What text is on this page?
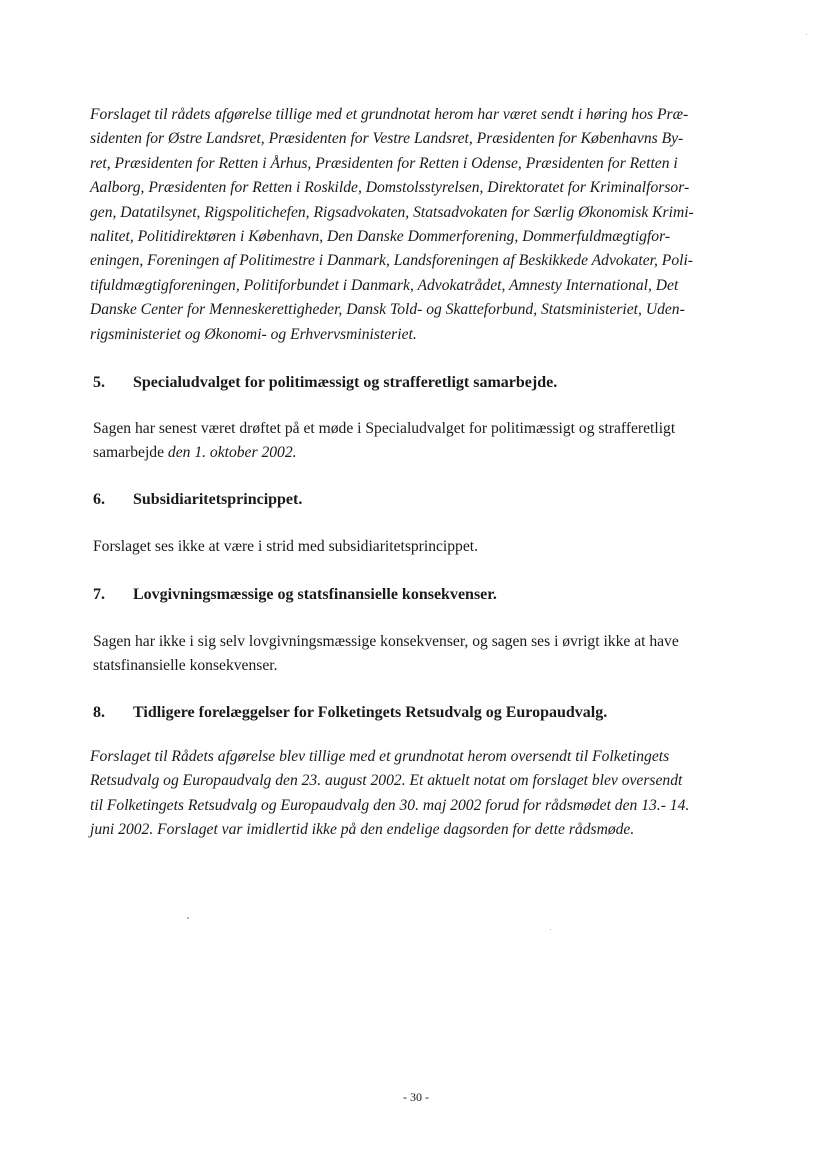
Forslaget til rådets afgørelse tillige med et grundnotat herom har været sendt i høring hos Præ-
sidenten for Østre Landsret, Præsidenten for Vestre Landsret, Præsidenten for Københavns By-
ret, Præsidenten for Retten i Århus, Præsidenten for Retten i Odense, Præsidenten for Retten i
Aalborg, Præsidenten for Retten i Roskilde, Domstolsstyrelsen, Direktoratet for Kriminalforsor-
gen, Datatilsynet, Rigspolitichefen, Rigsadvokaten, Statsadvokaten for Særlig Økonomisk Krimi-
nalitet, Politidirektøren i København, Den Danske Dommerforening, Dommerfuldmægtigfor-
eningen, Foreningen af Politimestre i Danmark, Landsforeningen af Beskikkede Advokater, Poli-
tifuldmægtigforeningen, Politiforbundet i Danmark, Advokatrådet, Amnesty International, Det
Danske Center for Menneskerettigheder, Dansk Told- og Skatteforbund, Statsministeriet, Uden-
rigsministeriet og Økonomi- og Erhvervsministeriet.

5. Specialudvalget for politimæssigt og strafferetligt samarbejde.

Sagen har senest været drøftet på et møde i Specialudvalget for politimæssigt og strafferetligt
samarbejde den 1. oktober 2002.

6. Subsidiaritetsprincippet.

Forslaget ses ikke at være i strid med subsidiaritetsprincippet.

7. Lovgivningsmæssige og statsfinansielle konsekvenser.

Sagen har ikke i sig selv lovgivningsmæssige konsekvenser, og sagen ses i øvrigt ikke at have
statsfinansielle konsekvenser.

8. Tidligere forelæggelser for Folketingets Retsudvalg og Europaudvalg.

Forslaget til Rådets afgørelse blev tillige med et grundnotat herom oversendt til Folketingets
Retsudvalg og Europaudvalg den 23. august 2002. Et aktuelt notat om forslaget blev oversendt
til Folketingets Retsudvalg og Europaudvalg den 30. maj 2002 forud for rådsmødet den 13.- 14.
juni 2002. Forslaget var imidlertid ikke på den endelige dagsorden for dette rådsmøde.

- 30 -
